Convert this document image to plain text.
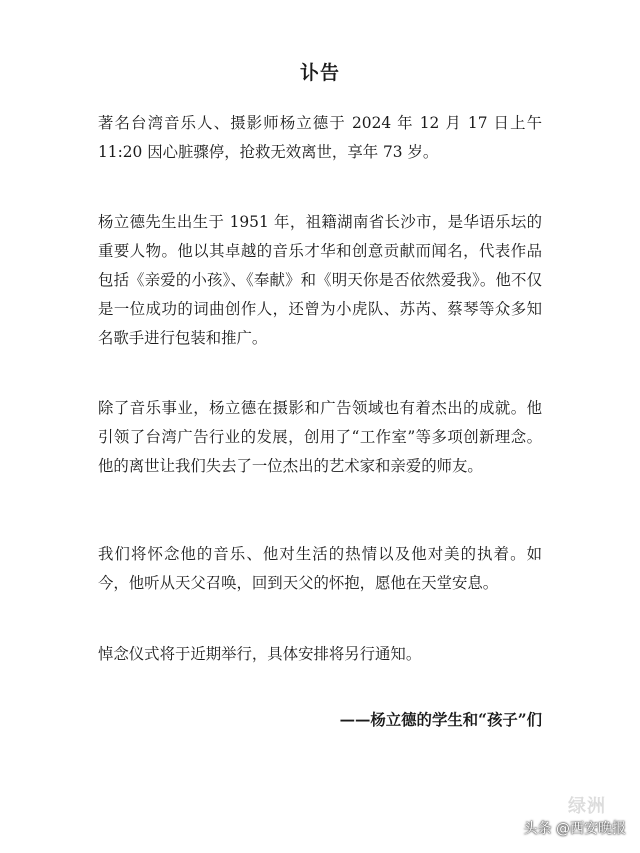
讣告

著名台湾音乐人、摄影师杨立德于 2024 年 12 月 17 日上午 11:20 因心脏骤停，抢救无效离世，享年 73 岁。

杨立德先生出生于 1951 年，祖籍湖南省长沙市，是华语乐坛的重要人物。他以其卓越的音乐才华和创意贡献而闻名，代表作品包括《亲爱的小孩》、《奉献》和《明天你是否依然爱我》。他不仅是一位成功的词曲创作人，还曾为小虎队、苏芮、蔡琴等众多知名歌手进行包装和推广。

除了音乐事业，杨立德在摄影和广告领域也有着杰出的成就。他引领了台湾广告行业的发展，创用了“工作室”等多项创新理念。他的离世让我们失去了一位杰出的艺术家和亲爱的师友。

我们将怀念他的音乐、他对生活的热情以及他对美的执着。如今，他听从天父召唤，回到天父的怀抱，愿他在天堂安息。

悼念仪式将于近期举行，具体安排将另行通知。

——杨立德的学生和“孩子”们
绿洲
头条 @西安晚报
